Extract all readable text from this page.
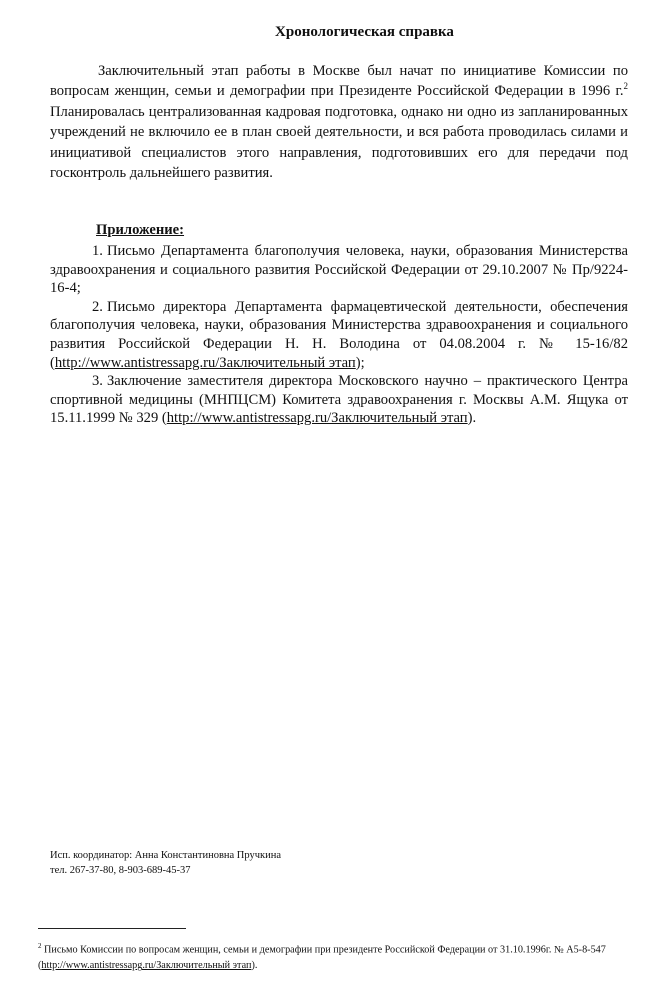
Хронологическая справка

Заключительный этап работы в Москве был начат по инициативе Комиссии по вопросам женщин, семьи и демографии при Президенте Российской Федерации в 1996 г.$^2$ Планировалась централизованная кадровая подготовка, однако ни одно из запланированных учреждений не включило ее в план своей деятельности, и вся работа проводилась силами и инициативой специалистов этого направления, подготовивших его для передачи под госконтроль дальнейшего развития.

Приложение:

1. Письмо Департамента благополучия человека, науки, образования Министерства здравоохранения и социального развития Российской Федерации от 29.10.2007 № Пр/9224-16-4;

2. Письмо директора Департамента фармацевтической деятельности, обеспечения благополучия человека, науки, образования Министерства здравоохранения и социального развития Российской Федерации Н. Н. Володина от 04.08.2004 г. № 15-16/82 (http://www.antistressapg.ru/Заключительный этап);

3. Заключение заместителя директора Московского научно – практического Центра спортивной медицины (МНПЦСМ) Комитета здравоохранения г. Москвы А.М. Ящука от 15.11.1999 № 329 (http://www.antistressapg.ru/Заключительный этап).

Исп. координатор: Анна Константиновна Пручкина
тел. 267-37-80, 8-903-689-45-37
$^2$ Письмо Комиссии по вопросам женщин, семьи и демографии при президенте Российской Федерации от 31.10.1996г. № А5-8-547 (http://www.antistressapg.ru/Заключительный этап).
